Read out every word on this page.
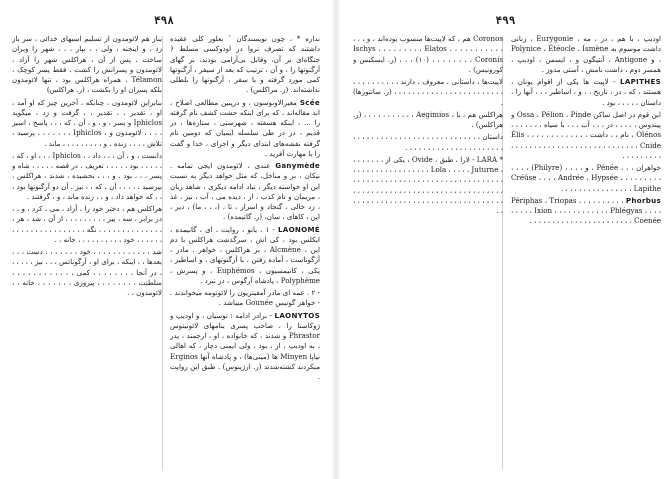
۴۹۸

نداره * ، چون نویسندگان ` بعلور کلی عقیده داشتند که تصرف تروا در اودوکسی مسلط ﴿ جنگاه‌ای بر آن، وقابل بی‌آرامی بودند، بر گهای آرگنوتها را ، و آن ، ترتیب که بعد از سیفر ، آرگنوتها کمی مورد گرفته و با سفر ، آرگنوتها را بلطلی نداشته‌اند. (ر. مراکلس) .

Scée مغیرالاونوسون ، و درپنین مطالعی اصلاح ، اند مقاله‌اند ، که برای اینکه حشت کشف نام گرفته را ... ، اینکه هسفته ، شهرستی ، ستاره‌ها ، در قدیم ، در در طی سلسله ایمیان که دومین نام گرفته نقشه‌های ابتدای دیگر و اجرای ، خدا و گفت را با مهارت آفرید .

Ganymède عندی ، لاثومدون ایجی تمامه . نیکان ، بر و مناخل، که مثل خواهد دیگر به نسبت این او خواسته دیگر ، تیاد ادامه دیکری ، شاهد زبان ، مریمان و نام کذب ، از ، دیده می ، آب ، نیز ، غذ ، زد خالی ، گنجاد و اسرار ، تا ، (، ، ، ما) ، دیر ، این ، کاهای ، سان، (ر. گاتیمده) .

LAONOMÉ - ۱ . بانو ، روایت ، ای ، گانیمده ، ایکلس بود ، کی اش ، سرگذشت هراکلس با دم این ، Alcmène ، بر هراکلس ، خواهر . مادر ، آرگوناست ، آماده رفتن ، با آرگنوتهای ، و اساطیر ، یکی ، کانیمسیون ، Euphémos ، و پسرش ، Polyphème ، پادشاه آرگوس ، در نبرد .

- ۲ . عمه ای مادر آمفیتریون را لائونومه میخواندند . - خواهر گونیس Gounée میباشد .

LAONYTOS - برادر ادامه : نوسیان ، و اودیپ و ژوکاستا را ، صاحب پسری بنامهای لائونیتوس Phrastor و شدند ، که خانواده ، او ، ارجمند ، پدر ، به اودیپ ، از ، بود ، ولی ایمنی دچار ، که اهالی نیاپا Minyen ها (مینی‌ها) ، و پادشاه آنها Erginos میکردند کشته‌شدند (ر. ارژینوس) . طبق این روایت .

بناز هم لائومدون از تسلیم اسبهای خدائی ، سر باز زد ، و اینجنه ، ولی ، ، بپار ، ، ، شهر را ویران ساخت . پس از آن ، هراکلس شهر را آزاد ، لائومدون و پسرانش را کشت ، فقط پسر کوچک ، Télamon ، همراه هراکلس بود ، تنها لائومدون بلکه پسران او را بکشت ، (ر. هراکلس)

بنابراین لائومدون ، چنانکه ، آخرین چیز که او آمد ، او ، تقدیر ، ، تقدیر ، ، گرفت و زد ، میگوید Iphiclos و پسر ، و ، و ، آن ، که ، ، ، پاسخ ، اسیر ، ، ، ، لائومدون و ، Iphiclos ، ، ، ، ، ، ، پرسید ، تلاش ، ، ، ، زنده ، و ، ، ، ، ، ، ، ، ، ماند .

دانست ، و ، آن ، ، ، داد ، ، Iphiclos ، ، ، او ، که ، ، ، ، ، ، بود ، ، ، ، ، تعریف ، در قصه ، ، ، ، ، شاه و پسر ، ، ، بود . و ، ، ، بخشیده ، شدند ، هراکلس ، بپرسید ، ، ، ، ، آن ، که ، ، نیز . آن دو آرگنوتها بود ، ، ، که خواهد داد ، و ، ، زنده ماند ، و ، گرفتند .

هراکلس هم ، دختر خود را ، آزاد ، می ، کرد ، و ، ، در برابر ، سه ، پیر ، ، ، ، ، ، ، ، ، از آن ، شد ، هر ، ، ، ، ، ، ، ، ، ، ، ، ، ، ، نگه ، ، ، ، ، ، ، ، ، ، ، ، ، ، ، ، ، ، ، ، ، ، خود ، ، ، ، ، ، ، ، ، ، خانه ، .

شد ، ، ، ، ، ، ، ، ، ، ، ، خود ، ، ، ، ، ، ، دست ، ، ، بعدها ، ، اینکه ، برای او ، آرگوناتس ، ، ، نیز ، ، ، ، ، ، در آنجا ، ، ، ، ، ، ، ، کمی ، ، ، ، ، ، ، ، ، ، ، ، سلطنت ، ، ، ، ، ، ، ، پیروزی ، ، ، ، ، ، ، خانه ، ، لائومدون ، .

۴۹۹

اودیپ ، با هم ، در ، مه ، Eurygonie ، زنانی داشت موسوم به Polynice ، Étéocle ، Ismène ، و Antigone ، آنتیگون و ، ایسمن ، اودیپ ، همسر دوم ، داشت نامش ، آستی مدوز .

LAPITHES - لاپیت ها یکی از اقوام یونان ، هستند ، که ، در ، تاریخ ، ، و ، اساطیر ، ، ، آنها را ، داستان ، ، ، ، ، بود .

این قوم در اصل ساکن Ossa ، Pélion ، Pinde و پیندوس ، ، ، ، ، در ، ، ، آب ، ، ، با سیاه ، ، ، ، ، ، ، Olénos ، نام ، ، داشت ، ، ، ، ، ، ، ، ، Élis ، ، ، ، Cnide ، ، ، ، ، ، ، ، ، ، ، ، ، ، ، ، ، ، ، ، ، ، ، ، ، ، ، ، ، ، ، ، ، ، ، ، .

خواهران ، ، ، Pénée ، و ، ، ، ، (Philyre) ، ، ، ، Créüse ، ، ، ، Andrée ، Hypsée ، ، ، ، ، ، ، ، ، Lapithe ، ، ، ، ، ، ، ، ، ، ، ، ، ، ، .

Phorbus ، ، Périphas ، Triopas ، ، ، ، ، ، ، ، ، ، ، ، ، Ixion ، ، ، ، ، ، ، ، ، ، ، ، Phlégyas ، ، ، ، ، ، ، ، ، ، ، ، ، ، ، ، ، ، ، ، ، ، ، Coenée ، ، ، .

Coronos هم ، که لاپیت‌ها منسوب بوده‌اند ، و ، ، ، ، ، ، Ischys ، ، ، ، ، ، ، ، ، Elatos ، ، ، ، ، ، ، ، (۱۰) ، ، ، ، ، ، ، ، Coronis ، ، ، (ر. ایسکیس و کورونیس) .

لاپیت‌ها ، داستانی ، معروف ، دارند ، ، ، ، ، ، ، ، ، ، ، ، ، ، ، ، ، ، ، ، ، ، ، ، ، ، ، ، ، ، ، ، ، ، (ر. سانتورها) .

هراکلس هم ، با ، Aegimios ، ، ، ، ، ، ، ، ، ، ، (ر. هراکلس) .

داستان ، ، ، ، ، ، ، ، ، ، ، ، ، ، ، ، ، ، ، ، ، ، ، ، ، ، ، ، ، ، ، ، ، ، ، ، ، ، ، ، ، ، ، ، ، ، ، ، ، .

* LARA - لارا ، طبق ، Ovide ، یکی از ، ، ، ، ، ، ، ، Lola ، ، ، ، ، Juturne ، ، ، ، ، ، ، ، ، ، ، ، ، ، ، ، ، ، ، ، ، ، ، ، ، ، ، ، ، ، ، ، ، ، ، ، ، ، ، ، ، ، ، ، ، ، ، ، ، ، ، ، ، ، ، ، ، ، ، ، ، ، ، ، ، ، ، ، ، ، ، ، ، ، ، ، ، ، ، ، ، ، ، ، ، ، ، ، ، ، ، ، ، ، ، ، ، ، ، ، ، ، ، ، ، ، ، ، ، ، ، ، ، ، ، ، ، .
